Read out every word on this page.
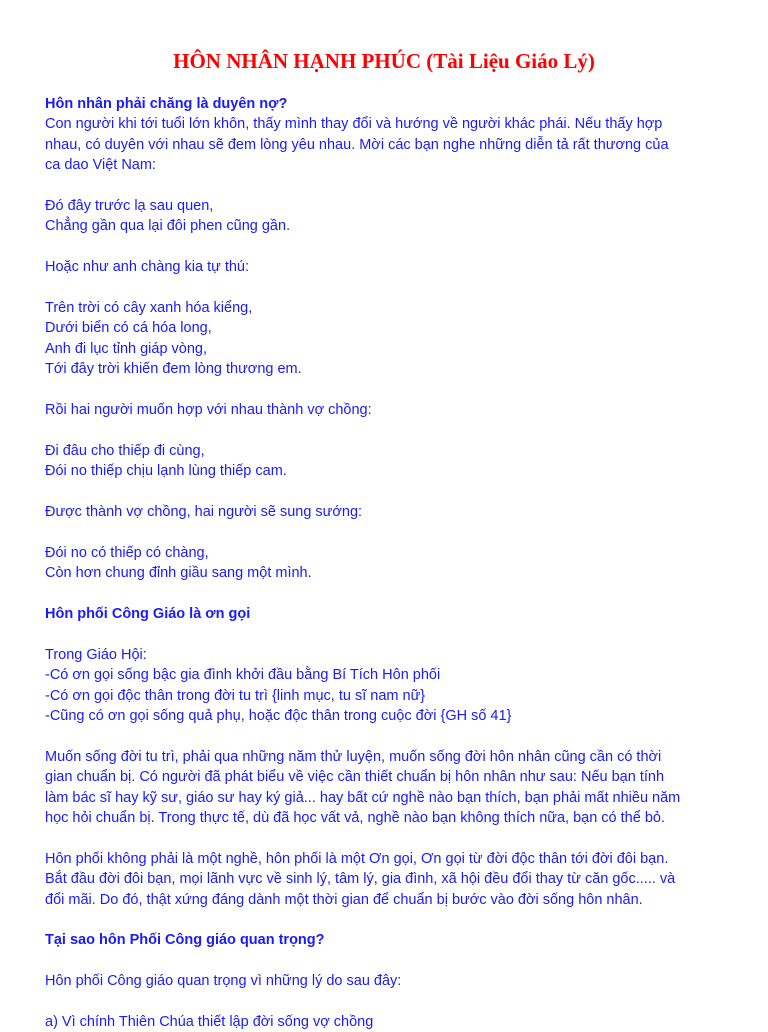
HÔN NHÂN HẠNH PHÚC (Tài Liệu Giáo Lý)
Hôn nhân phải chăng là duyên nợ?
Con người khi tới tuổi lớn khôn, thấy mình thay đổi và hướng về người khác phái. Nếu thấy hợp
nhau, có duyên với nhau sẽ đem lòng yêu nhau. Mời các bạn nghe những diễn tả rất thương của
ca dao Việt Nam:
Đó đây trước lạ sau quen,
Chẳng gần qua lại đôi phen cũng gần.
Hoặc như anh chàng kia tự thú:
Trên trời có cây xanh hóa kiểng,
Dưới biển có cá hóa long,
Anh đi lục tỉnh giáp vòng,
Tới đây trời khiến đem lòng thương em.
Rồi hai người muốn hợp với nhau thành vợ chồng:
Đi đâu cho thiếp đi cùng,
Đói no thiếp chịu lạnh lùng thiếp cam.
Được thành vợ chồng, hai người sẽ sung sướng:
Đói no có thiếp có chàng,
Còn hơn chung đỉnh giầu sang một mình.
Hôn phối Công Giáo là ơn gọi
Trong Giáo Hội:
-Có ơn gọi sống bậc gia đình khởi đầu bằng Bí Tích Hôn phối
-Có ơn gọi độc thân trong đời tu trì {linh mục, tu sĩ nam nữ}
-Cũng có ơn gọi sống quả phụ, hoặc độc thân trong cuộc đời {GH số 41}
Muốn sống đời tu trì, phải qua những năm thử luyện, muốn sống đời hôn nhân cũng cần có thời
gian chuẩn bị. Có người đã phát biểu về việc cần thiết chuẩn bị hôn nhân như sau: Nếu bạn tính
làm bác sĩ hay kỹ sư, giáo sư hay ký giả... hay bất cứ nghề nào bạn thích, bạn phải mất nhiều năm
học hỏi chuẩn bị. Trong thực tế, dù đã học vất vả, nghề nào bạn không thích nữa, bạn có thể bỏ.
Hôn phối không phải là một nghề, hôn phối là một Ơn gọi, Ơn gọi từ đời độc thân tới đời đôi bạn.
Bắt đầu đời đôi bạn, mọi lãnh vực về sinh lý, tâm lý, gia đình, xã hội đều đổi thay từ căn gốc..... và
đổi mãi. Do đó, thật xứng đáng dành một thời gian để chuẩn bị bước vào đời sống hôn nhân.
Tại sao hôn Phối Công giáo quan trọng?
Hôn phối Công giáo quan trọng vì những lý do sau đây:
a) Vì chính Thiên Chúa thiết lập đời sống vợ chồng
